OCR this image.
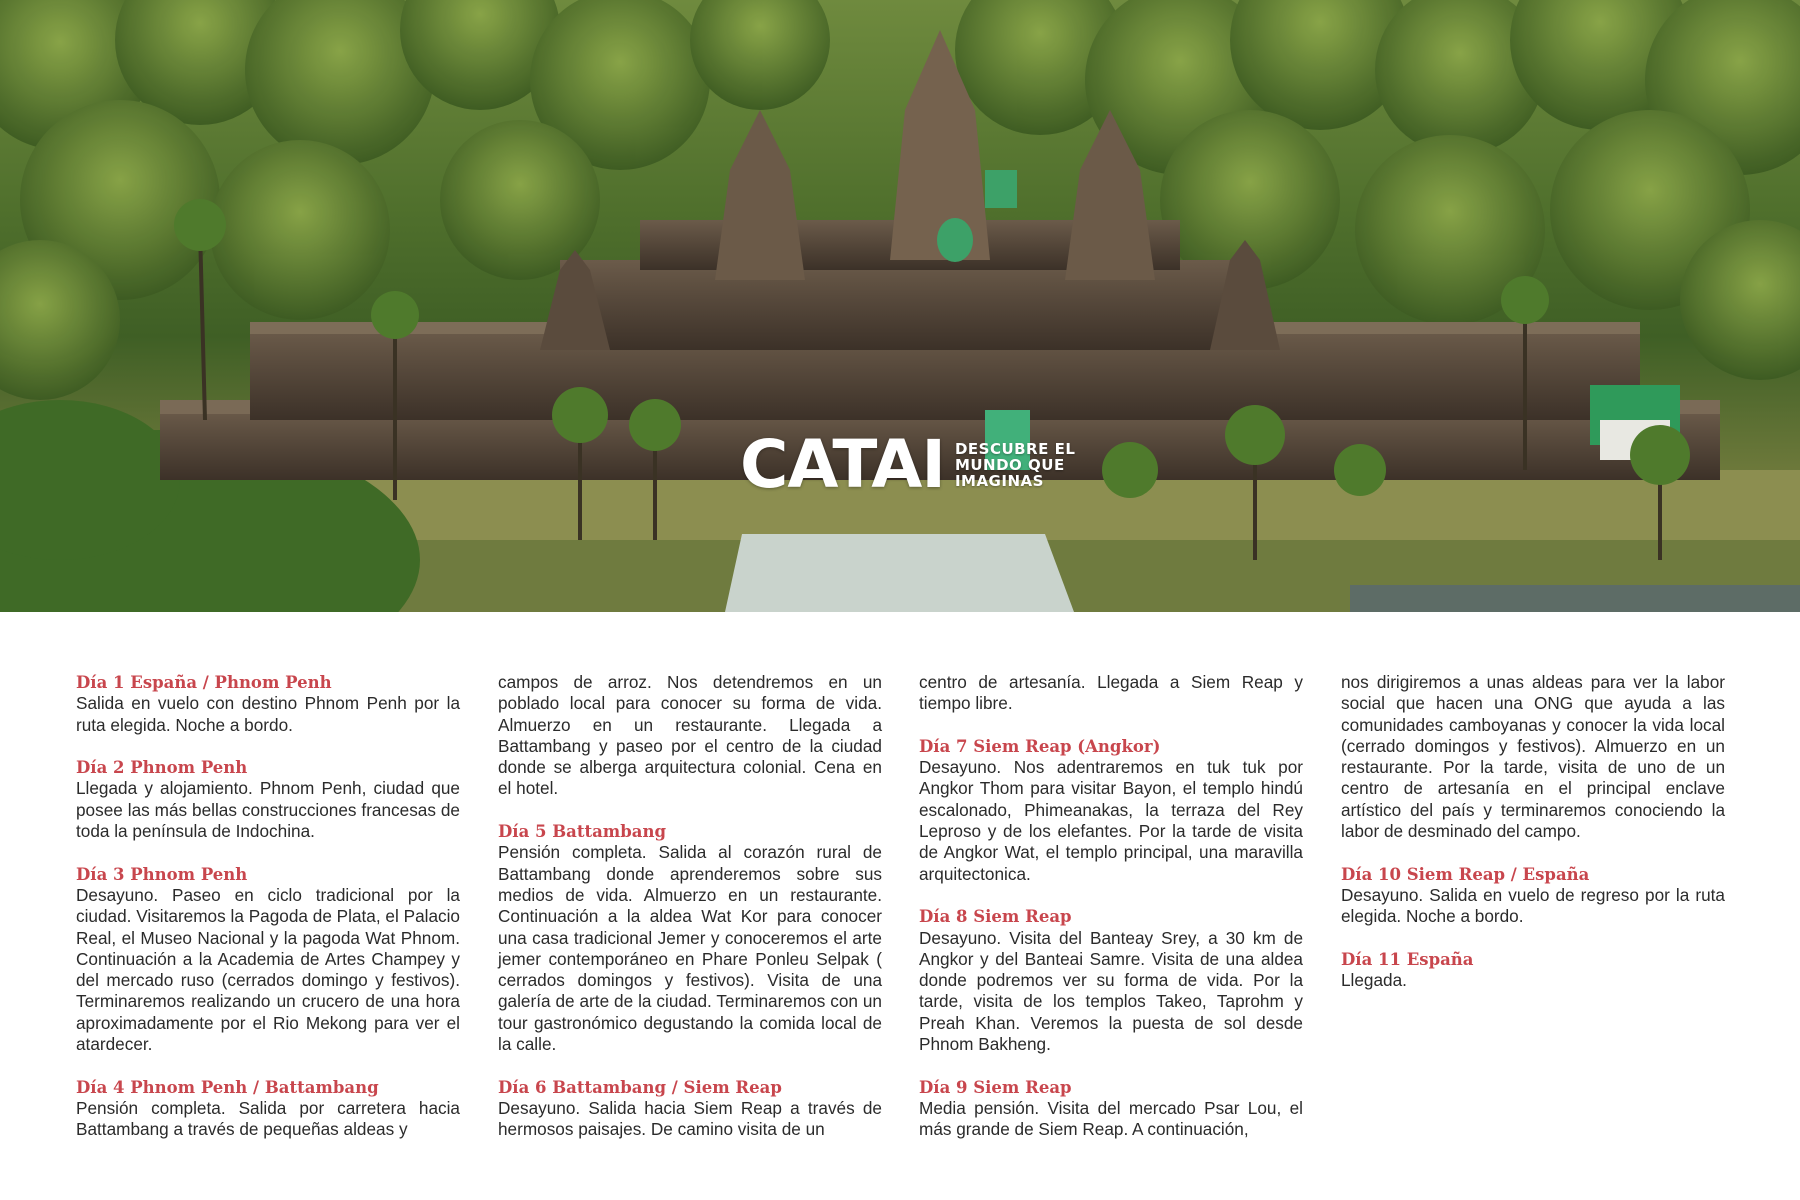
CATAI DESCUBRE EL
MUNDO QUE
IMAGINAS
Día 1 España / Phnom Penh
Salida en vuelo con destino Phnom Penh por la ruta elegida. Noche a bordo.
Día 2 Phnom Penh
Llegada y alojamiento. Phnom Penh, ciudad que posee las más bellas construcciones francesas de toda la península de Indochina.
Día 3 Phnom Penh
Desayuno. Paseo en ciclo tradicional por la ciudad. Visitaremos la Pagoda de Plata, el Palacio Real, el Museo Nacional y la pagoda Wat Phnom. Continuación a la Academia de Artes Champey y del mercado ruso (cerrados domingo y festivos). Terminaremos realizando un crucero de una hora aproximadamente por el Rio Mekong para ver el atardecer.
Día 4 Phnom Penh / Battambang
Pensión completa. Salida por carretera hacia Battambang a través de pequeñas aldeas y
campos de arroz. Nos detendremos en un poblado local para conocer su forma de vida. Almuerzo en un restaurante. Llegada a Battambang y paseo por el centro de la ciudad donde se alberga arquitectura colonial. Cena en el hotel.
Día 5 Battambang
Pensión completa. Salida al corazón rural de Battambang donde aprenderemos sobre sus medios de vida. Almuerzo en un restaurante. Continuación a la aldea Wat Kor para conocer una casa tradicional Jemer y conoceremos el arte jemer contemporáneo en Phare Ponleu Selpak ( cerrados domingos y festivos). Visita de una galería de arte de la ciudad. Terminaremos con un tour gastronómico degustando la comida local de la calle.
Día 6 Battambang / Siem Reap
Desayuno. Salida hacia Siem Reap a través de hermosos paisajes. De camino visita de un
centro de artesanía. Llegada a Siem Reap y tiempo libre.
Día 7 Siem Reap (Angkor)
Desayuno. Nos adentraremos en tuk tuk por Angkor Thom para visitar Bayon, el templo hindú escalonado, Phimeanakas, la terraza del Rey Leproso y de los elefantes. Por la tarde de visita de Angkor Wat, el templo principal, una maravilla arquitectonica.
Día 8 Siem Reap
Desayuno. Visita del Banteay Srey, a 30 km de Angkor y del Banteai Samre. Visita de una aldea donde podremos ver su forma de vida. Por la tarde, visita de los templos Takeo, Taprohm y Preah Khan. Veremos la puesta de sol desde Phnom Bakheng.
Día 9 Siem Reap
Media pensión. Visita del mercado Psar Lou, el más grande de Siem Reap. A continuación,
nos dirigiremos a unas aldeas para ver la labor social que hacen una ONG que ayuda a las comunidades camboyanas y conocer la vida local (cerrado domingos y festivos). Almuerzo en un restaurante. Por la tarde, visita de uno de un centro de artesanía en el principal enclave artístico del país y terminaremos conociendo la labor de desminado del campo.
Día 10 Siem Reap / España
Desayuno. Salida en vuelo de regreso por la ruta elegida. Noche a bordo.
Día 11 España
Llegada.
